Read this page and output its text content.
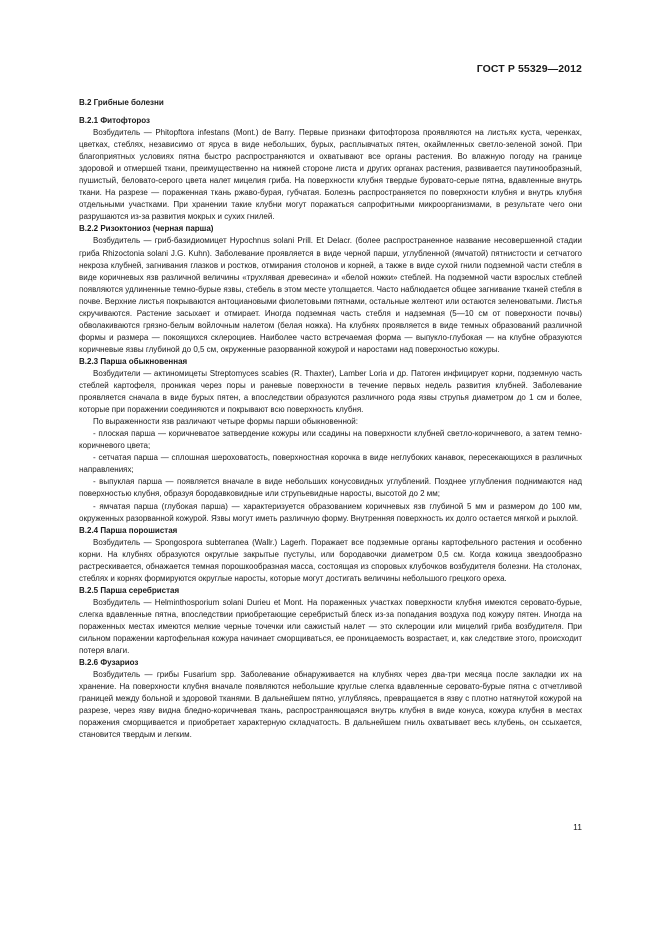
ГОСТ Р 55329—2012
В.2 Грибные болезни
В.2.1 Фитофтороз

Возбудитель — Phitopftora infestans (Mont.) de Barry. Первые признаки фитофтороза проявляются на листьях куста, черенках, цветках, стеблях, независимо от яруса в виде небольших, бурых, расплывчатых пятен, окаймленных светло-зеленой зоной. При благоприятных условиях пятна быстро распространяются и охватывают все органы растения. Во влажную погоду на границе здоровой и отмершей ткани, преимущественно на нижней стороне листа и других органах растения, развивается паутинообразный, пушистый, беловато-серого цвета налет мицелия гриба. На поверхности клубня твердые буровато-серые пятна, вдавленные внутрь ткани. На разрезе — пораженная ткань ржаво-бурая, губчатая. Болезнь распространяется по поверхности клубня и внутрь клубня отдельными участками. При хранении такие клубни могут поражаться сапрофитными микроорганизмами, в результате чего они разрушаются из-за развития мокрых и сухих гнилей.

В.2.2 Ризоктониоз (черная парша)

Возбудитель — гриб-базидиомицет Hypochnus solani Prill. Et Delacr. (более распространенное название несовершенной стадии гриба Rhizoctonia solani J.G. Kuhn). Заболевание проявляется в виде черной парши, углубленной (ямчатой) пятнистости и сетчатого некроза клубней, загнивания глазков и ростков, отмирания столонов и корней, а также в виде сухой гнили подземной части стебля в виде коричневых язв различной величины «трухлявая древесина» и «белой ножки» стеблей. На подземной части взрослых стеблей появляются удлиненные темно-бурые язвы, стебель в этом месте утолщается. Часто наблюдается общее загнивание тканей стебля в почве. Верхние листья покрываются антоциановыми фиолетовыми пятнами, остальные желтеют или остаются зеленоватыми. Листья скручиваются. Растение засыхает и отмирает. Иногда подземная часть стебля и надземная (5—10 см от поверхности почвы) обволакиваются грязно-белым войлочным налетом (белая ножка). На клубнях проявляется в виде темных образований различной формы и размера — покоящихся склероциев. Наиболее часто встречаемая форма — выпукло-глубокая — на клубне образуются коричневые язвы глубиной до 0,5 см, окруженные разорванной кожурой и наростами над поверхностью кожуры.

В.2.3 Парша обыкновенная

Возбудители — актиномицеты Streptomyces scabies (R. Thaxter), Lamber Loria и др. Патоген инфицирует корни, подземную часть стеблей картофеля, проникая через поры и раневые поверхности в течение первых недель развития клубней. Заболевание проявляется сначала в виде бурых пятен, а впоследствии образуются различного рода язвы струпья диаметром до 1 см и более, которые при поражении соединяются и покрывают всю поверхность клубня.

По выраженности язв различают четыре формы парши обыкновенной:

- плоская парша — коричневатое затвердение кожуры или ссадины на поверхности клубней светло-коричневого, а затем темно-коричневого цвета;

- сетчатая парша — сплошная шероховатость, поверхностная корочка в виде неглубоких канавок, пересекающихся в различных направлениях;

- выпуклая парша — появляется вначале в виде небольших конусовидных углублений. Позднее углубления поднимаются над поверхностью клубня, образуя бородавковидные или струпьевидные наросты, высотой до 2 мм;

- ямчатая парша (глубокая парша) — характеризуется образованием коричневых язв глубиной 5 мм и размером до 100 мм, окруженных разорванной кожурой. Язвы могут иметь различную форму. Внутренняя поверхность их долго остается мягкой и рыхлой.

В.2.4 Парша порошистая

Возбудитель — Spongospora subterranea (Wallr.) Lagerh. Поражает все подземные органы картофельного растения и особенно корни. На клубнях образуются округлые закрытые пустулы, или бородавочки диаметром 0,5 см. Когда кожица звездообразно растрескивается, обнажается темная порошкообразная масса, состоящая из споровых клубочков возбудителя болезни. На столонах, стеблях и корнях формируются округлые наросты, которые могут достигать величины небольшого грецкого ореха.

В.2.5 Парша серебристая

Возбудитель — Helminthosporium solani Durieu et Mont. На пораженных участках поверхности клубня имеются серовато-бурые, слегка вдавленные пятна, впоследствии приобретающие серебристый блеск из-за попадания воздуха под кожуру пятен. Иногда на пораженных местах имеются мелкие черные точечки или сажистый налет — это склероции или мицелий гриба возбудителя. При сильном поражении картофельная кожура начинает сморщиваться, ее проницаемость возрастает, и, как следствие этого, происходит потеря влаги.

В.2.6 Фузариоз

Возбудитель — грибы Fusarium spp. Заболевание обнаруживается на клубнях через два-три месяца после закладки их на хранение. На поверхности клубня вначале появляются небольшие круглые слегка вдавленные серовато-бурые пятна с отчетливой границей между больной и здоровой тканями. В дальнейшем пятно, углубляясь, превращается в язву с плотно натянутой кожурой на разрезе, через язву видна бледно-коричневая ткань, распространяющаяся внутрь клубня в виде конуса, кожура клубня в местах поражения сморщивается и приобретает характерную складчатость. В дальнейшем гниль охватывает весь клубень, он ссыхается, становится твердым и легким.

11
